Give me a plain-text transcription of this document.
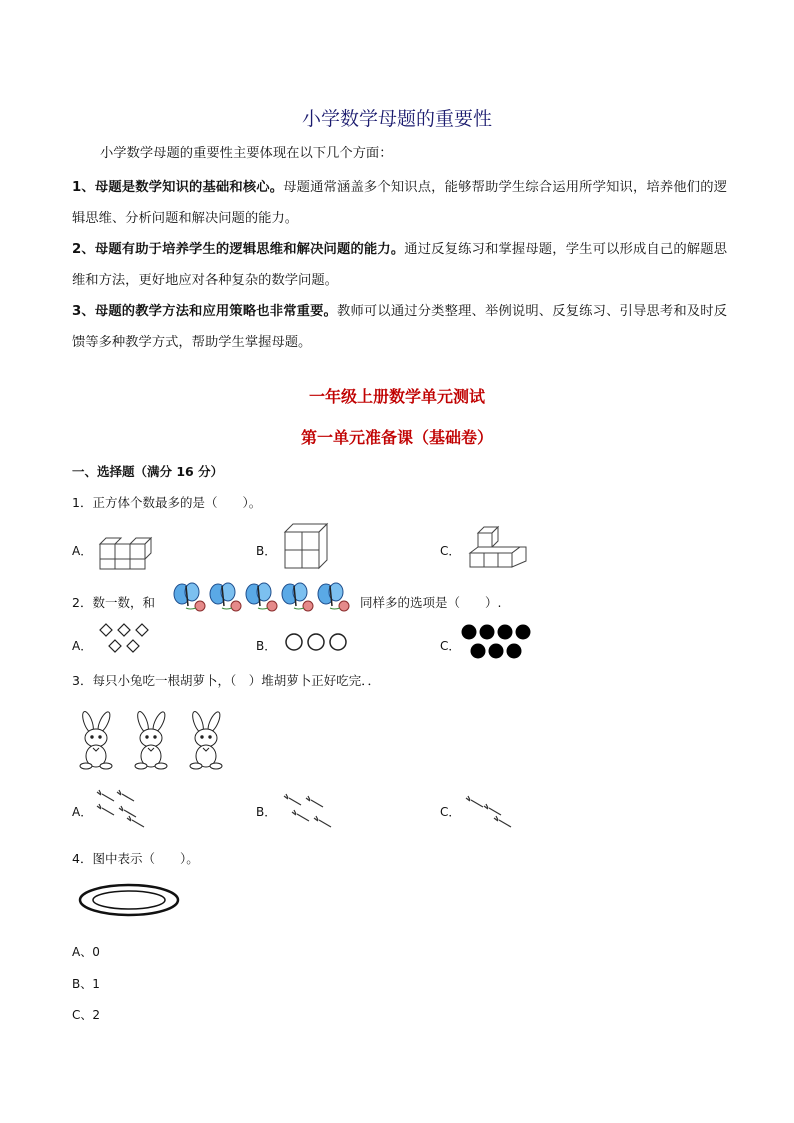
小学数学母题的重要性
小学数学母题的重要性主要体现在以下几个方面：
1、母题是数学知识的基础和核心。母题通常涵盖多个知识点，能够帮助学生综合运用所学知识，培养他们的逻辑思维、分析问题和解决问题的能力。
2、母题有助于培养学生的逻辑思维和解决问题的能力。通过反复练习和掌握母题，学生可以形成自己的解题思维和方法，更好地应对各种复杂的数学问题。
3、母题的教学方法和应用策略也非常重要。教师可以通过分类整理、举例说明、反复练习、引导思考和及时反馈等多种教学方式，帮助学生掌握母题。
一年级上册数学单元测试
第一单元准备课（基础卷）
一、选择题（满分 16 分）
1．正方体个数最多的是（　　）。
A．	B．	C．
2．数一数，和	同样多的选项是（　　）.
A．	B．	C．
3．每只小兔吃一根胡萝卜，（　）堆胡萝卜正好吃完．．
A．	B．	C．
4．图中表示（　　）。
A、0
B、1
C、2
